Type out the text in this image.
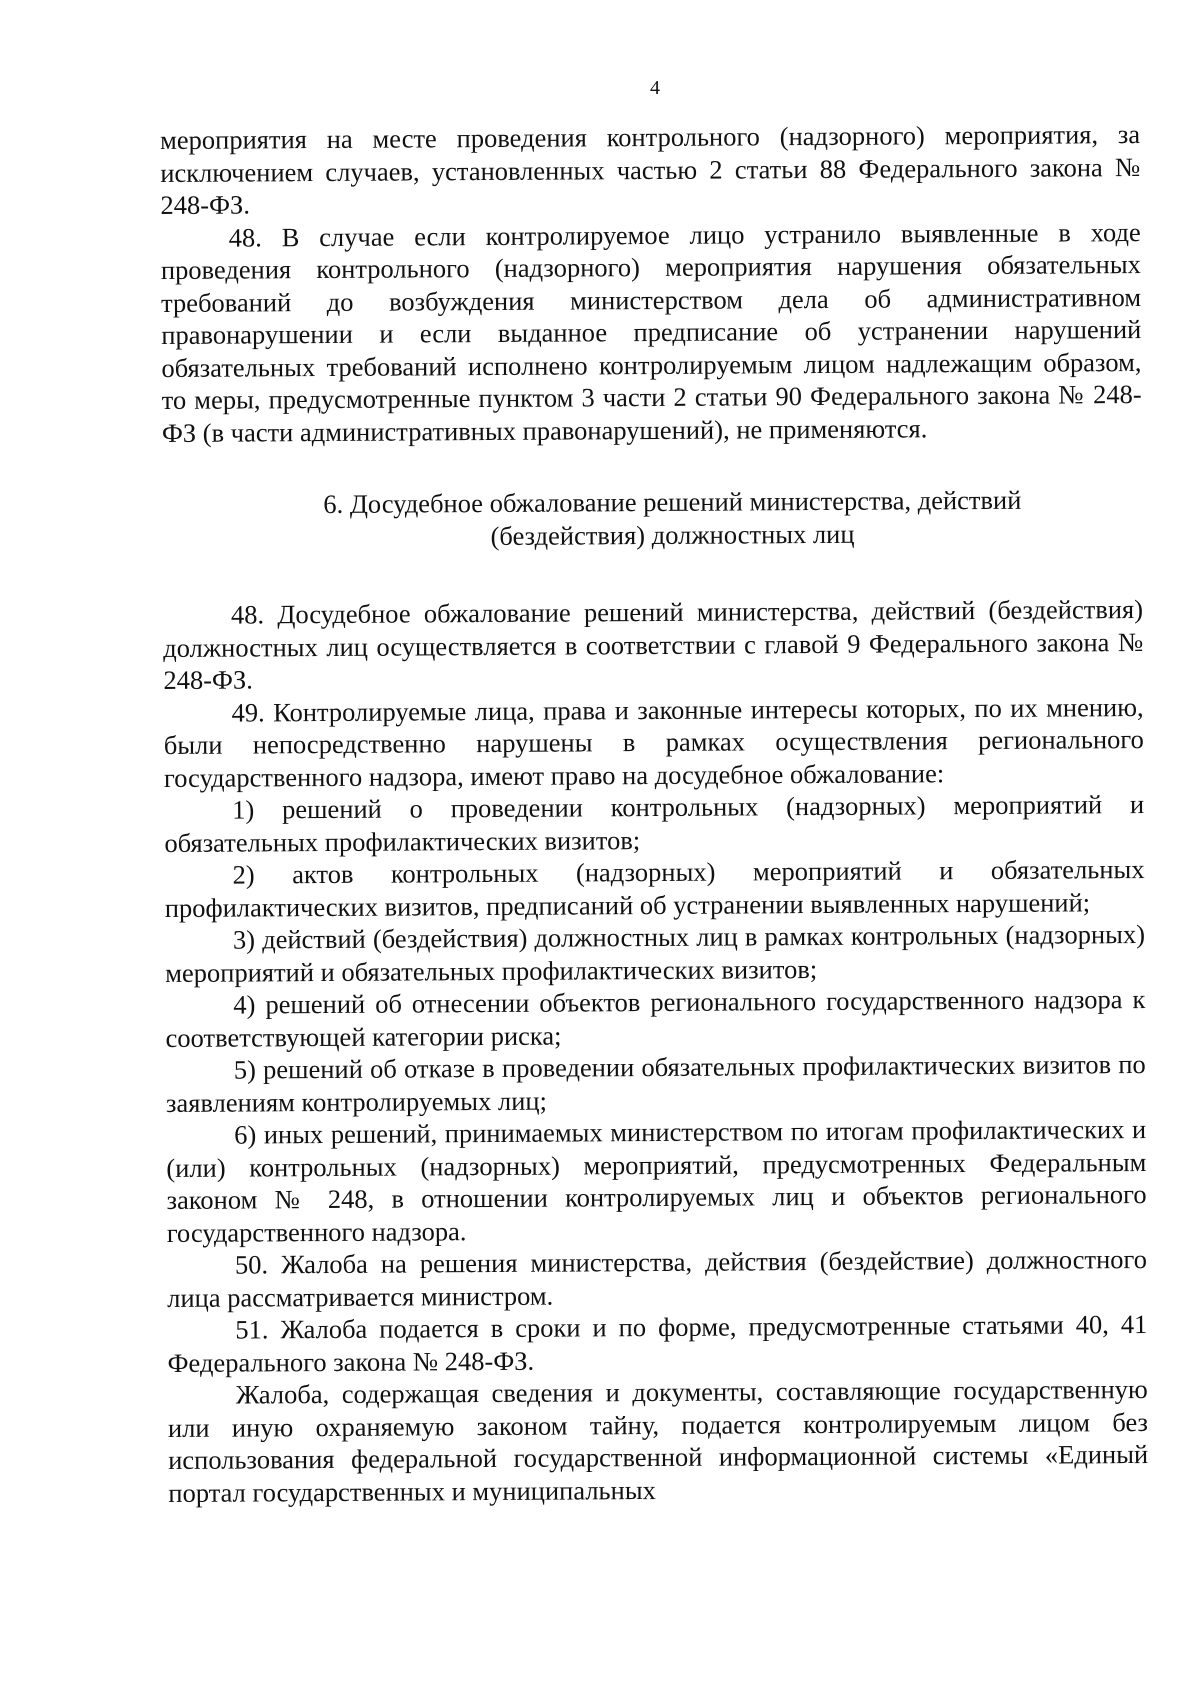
4

мероприятия на месте проведения контрольного (надзорного) мероприятия, за исключением случаев, установленных частью 2 статьи 88 Федерального закона № 248-ФЗ.

48. В случае если контролируемое лицо устранило выявленные в ходе проведения контрольного (надзорного) мероприятия нарушения обязательных требований до возбуждения министерством дела об административном правонарушении и если выданное предписание об устранении нарушений обязательных требований исполнено контролируемым лицом надлежащим образом, то меры, предусмотренные пунктом 3 части 2 статьи 90 Федерального закона № 248-ФЗ (в части административных правонарушений), не применяются.

6. Досудебное обжалование решений министерства, действий
(бездействия) должностных лиц

48. Досудебное обжалование решений министерства, действий (бездействия) должностных лиц осуществляется в соответствии с главой 9 Федерального закона № 248-ФЗ.

49. Контролируемые лица, права и законные интересы которых, по их мнению, были непосредственно нарушены в рамках осуществления регионального государственного надзора, имеют право на досудебное обжалование:

1) решений о проведении контрольных (надзорных) мероприятий и обязательных профилактических визитов;

2) актов контрольных (надзорных) мероприятий и обязательных профилактических визитов, предписаний об устранении выявленных нарушений;

3) действий (бездействия) должностных лиц в рамках контрольных (надзорных) мероприятий и обязательных профилактических визитов;

4) решений об отнесении объектов регионального государственного надзора к соответствующей категории риска;

5) решений об отказе в проведении обязательных профилактических визитов по заявлениям контролируемых лиц;

6) иных решений, принимаемых министерством по итогам профилактических и (или) контрольных (надзорных) мероприятий, предусмотренных Федеральным законом № 248, в отношении контролируемых лиц и объектов регионального государственного надзора.

50. Жалоба на решения министерства, действия (бездействие) должностного лица рассматривается министром.

51. Жалоба подается в сроки и по форме, предусмотренные статьями 40, 41 Федерального закона № 248-ФЗ.

Жалоба, содержащая сведения и документы, составляющие государственную или иную охраняемую законом тайну, подается контролируемым лицом без использования федеральной государственной информационной системы «Единый портал государственных и муниципальных
